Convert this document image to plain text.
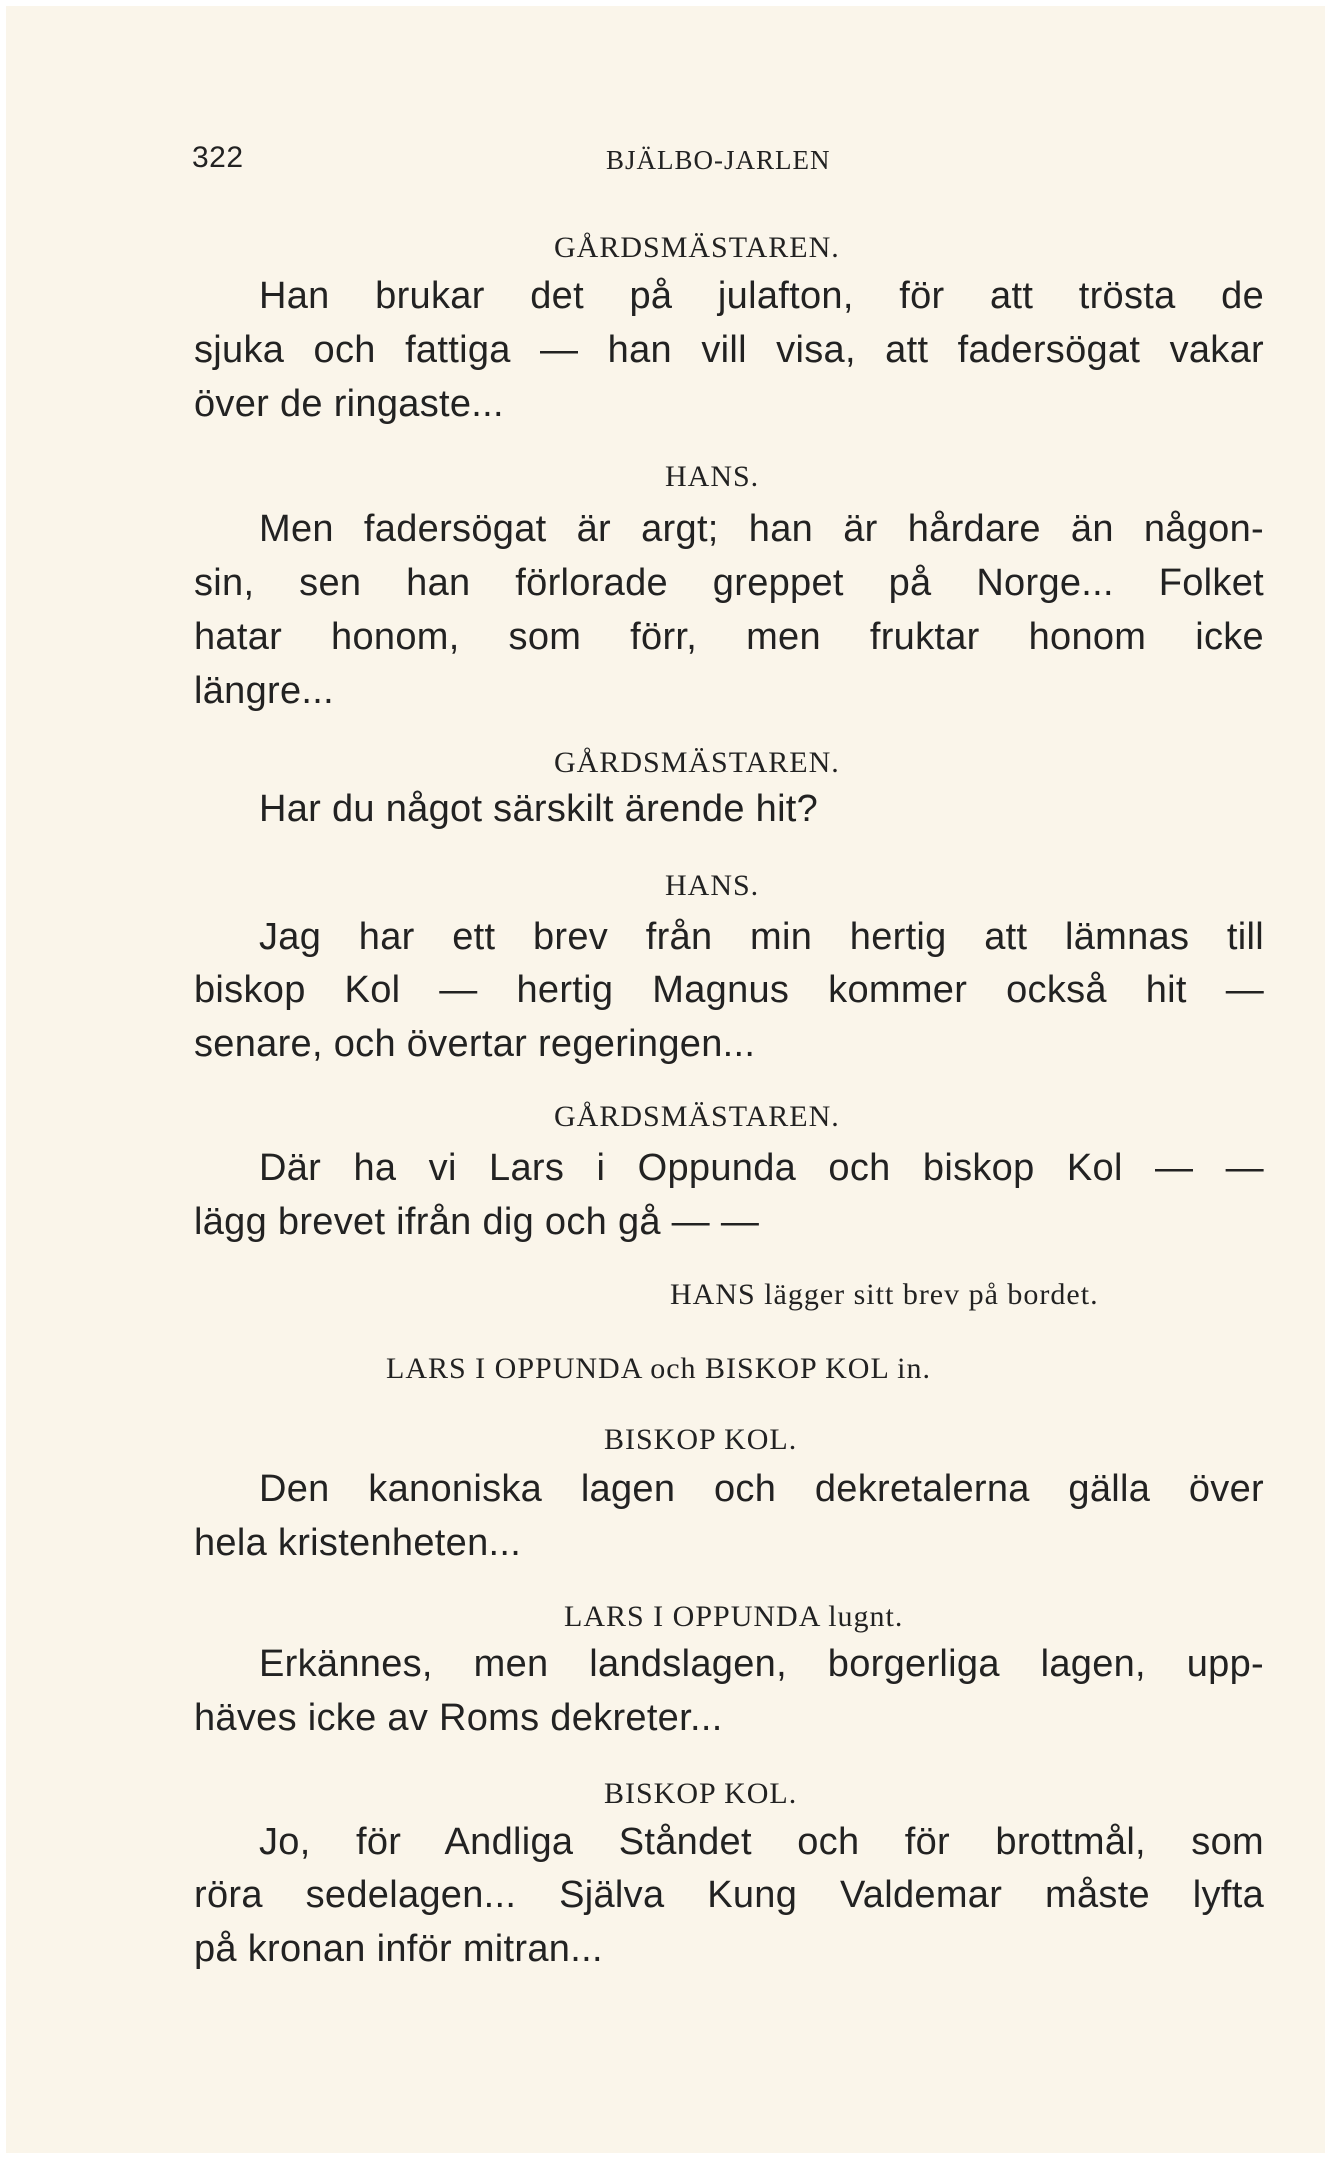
322	BJÄLBO-JARLEN
GÅRDSMÄSTAREN.
Han brukar det på julafton, för att trösta de
sjuka och fattiga — han vill visa, att fadersögat vakar
över de ringaste...
HANS.
Men fadersögat är argt; han är hårdare än någon-
sin, sen han förlorade greppet på Norge... Folket
hatar honom, som förr, men fruktar honom icke
längre...
GÅRDSMÄSTAREN.
Har du något särskilt ärende hit?
HANS.
Jag har ett brev från min hertig att lämnas till
biskop Kol — hertig Magnus kommer också hit —
senare, och övertar regeringen...
GÅRDSMÄSTAREN.
Där ha vi Lars i Oppunda och biskop Kol — —
lägg brevet ifrån dig och gå — —
HANS lägger sitt brev på bordet.
LARS I OPPUNDA och BISKOP KOL in.
BISKOP KOL.
Den kanoniska lagen och dekretalerna gälla över
hela kristenheten...
LARS I OPPUNDA lugnt.
Erkännes, men landslagen, borgerliga lagen, upp-
häves icke av Roms dekreter...
BISKOP KOL.
Jo, för Andliga Ståndet och för brottmål, som
röra sedelagen... Själva Kung Valdemar måste lyfta
på kronan inför mitran...
